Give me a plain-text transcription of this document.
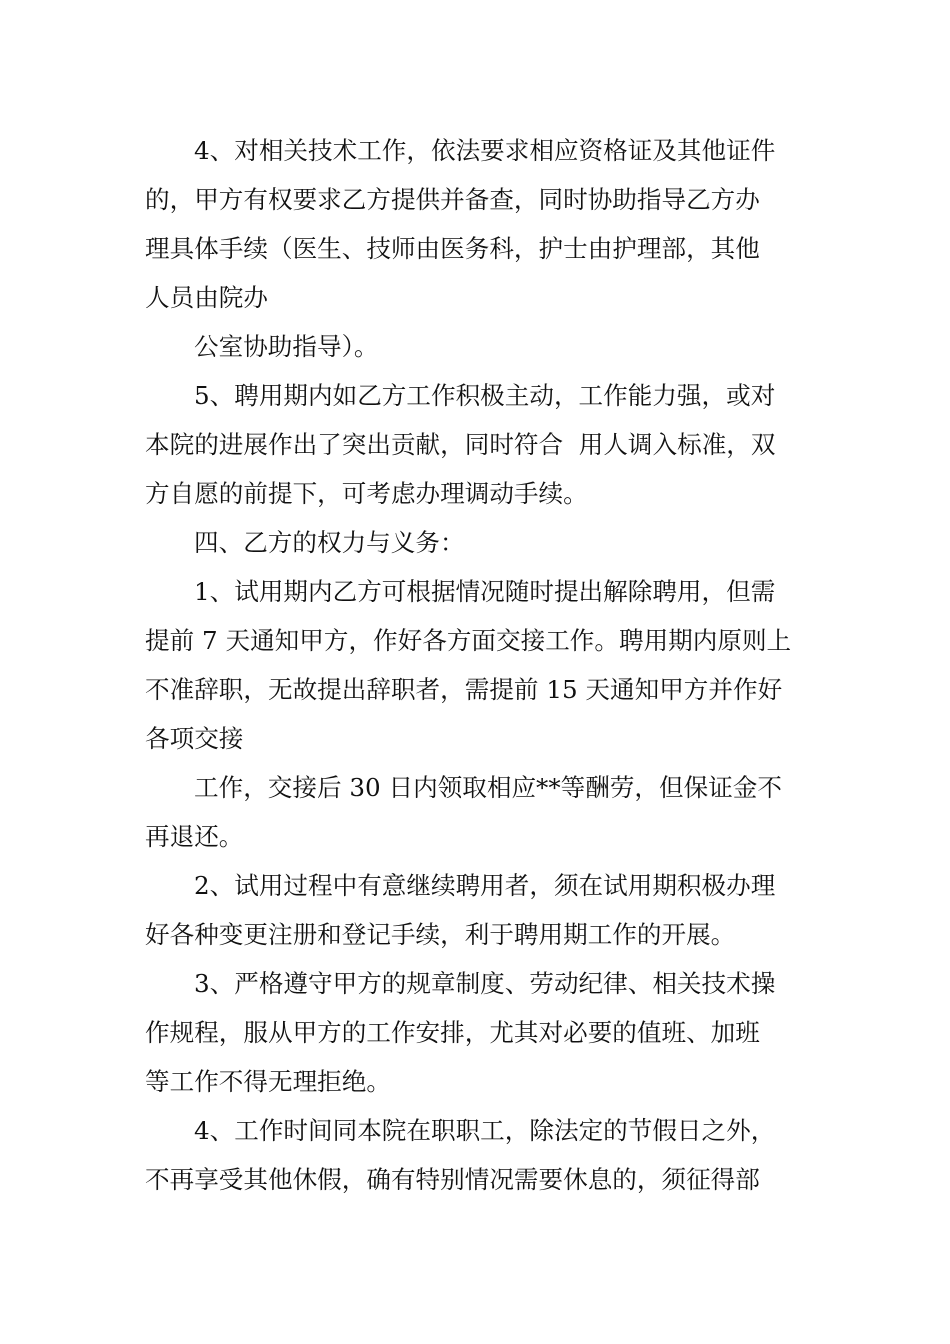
4、对相关技术工作，依法要求相应资格证及其他证件
的，甲方有权要求乙方提供并备查，同时协助指导乙方办
理具体手续（医生、技师由医务科，护士由护理部，其他
人员由院办
公室协助指导）。
5、聘用期内如乙方工作积极主动，工作能力强，或对
本院的进展作出了突出贡献，同时符合  用人调入标准，双
方自愿的前提下，可考虑办理调动手续。
四、乙方的权力与义务：
1、试用期内乙方可根据情况随时提出解除聘用，但需
提前 7 天通知甲方，作好各方面交接工作。聘用期内原则上
不准辞职，无故提出辞职者，需提前 15 天通知甲方并作好
各项交接
工作，交接后 30 日内领取相应**等酬劳，但保证金不
再退还。
2、试用过程中有意继续聘用者，须在试用期积极办理
好各种变更注册和登记手续，利于聘用期工作的开展。
3、严格遵守甲方的规章制度、劳动纪律、相关技术操
作规程，服从甲方的工作安排，尤其对必要的值班、加班
等工作不得无理拒绝。
4、工作时间同本院在职职工，除法定的节假日之外，
不再享受其他休假，确有特别情况需要休息的，须征得部
